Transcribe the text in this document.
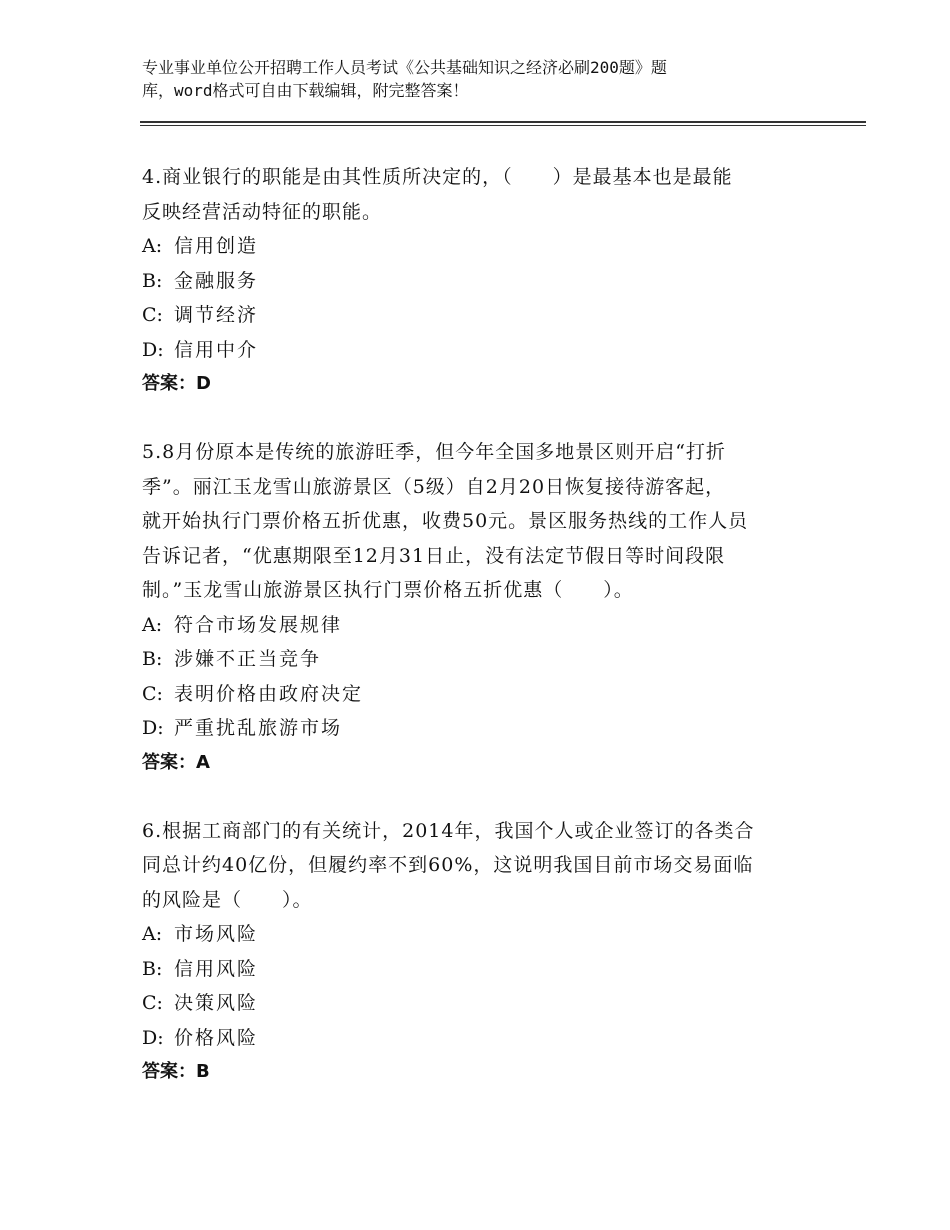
专业事业单位公开招聘工作人员考试《公共基础知识之经济必刷200题》题
库，word格式可自由下载编辑，附完整答案！

4.商业银行的职能是由其性质所决定的，（　　）是最基本也是最能

反映经营活动特征的职能。

A: 信用创造

B: 金融服务

C: 调节经济

D: 信用中介

答案：D

5.8月份原本是传统的旅游旺季，但今年全国多地景区则开启“打折

季”。丽江玉龙雪山旅游景区（5级）自2月20日恢复接待游客起，

就开始执行门票价格五折优惠，收费50元。景区服务热线的工作人员

告诉记者，“优惠期限至12月31日止，没有法定节假日等时间段限

制。”玉龙雪山旅游景区执行门票价格五折优惠（　　）。

A: 符合市场发展规律

B: 涉嫌不正当竞争

C: 表明价格由政府决定

D: 严重扰乱旅游市场

答案：A

6.根据工商部门的有关统计，2014年，我国个人或企业签订的各类合

同总计约40亿份，但履约率不到60%，这说明我国目前市场交易面临

的风险是（　　）。

A: 市场风险

B: 信用风险

C: 决策风险

D: 价格风险

答案：B
